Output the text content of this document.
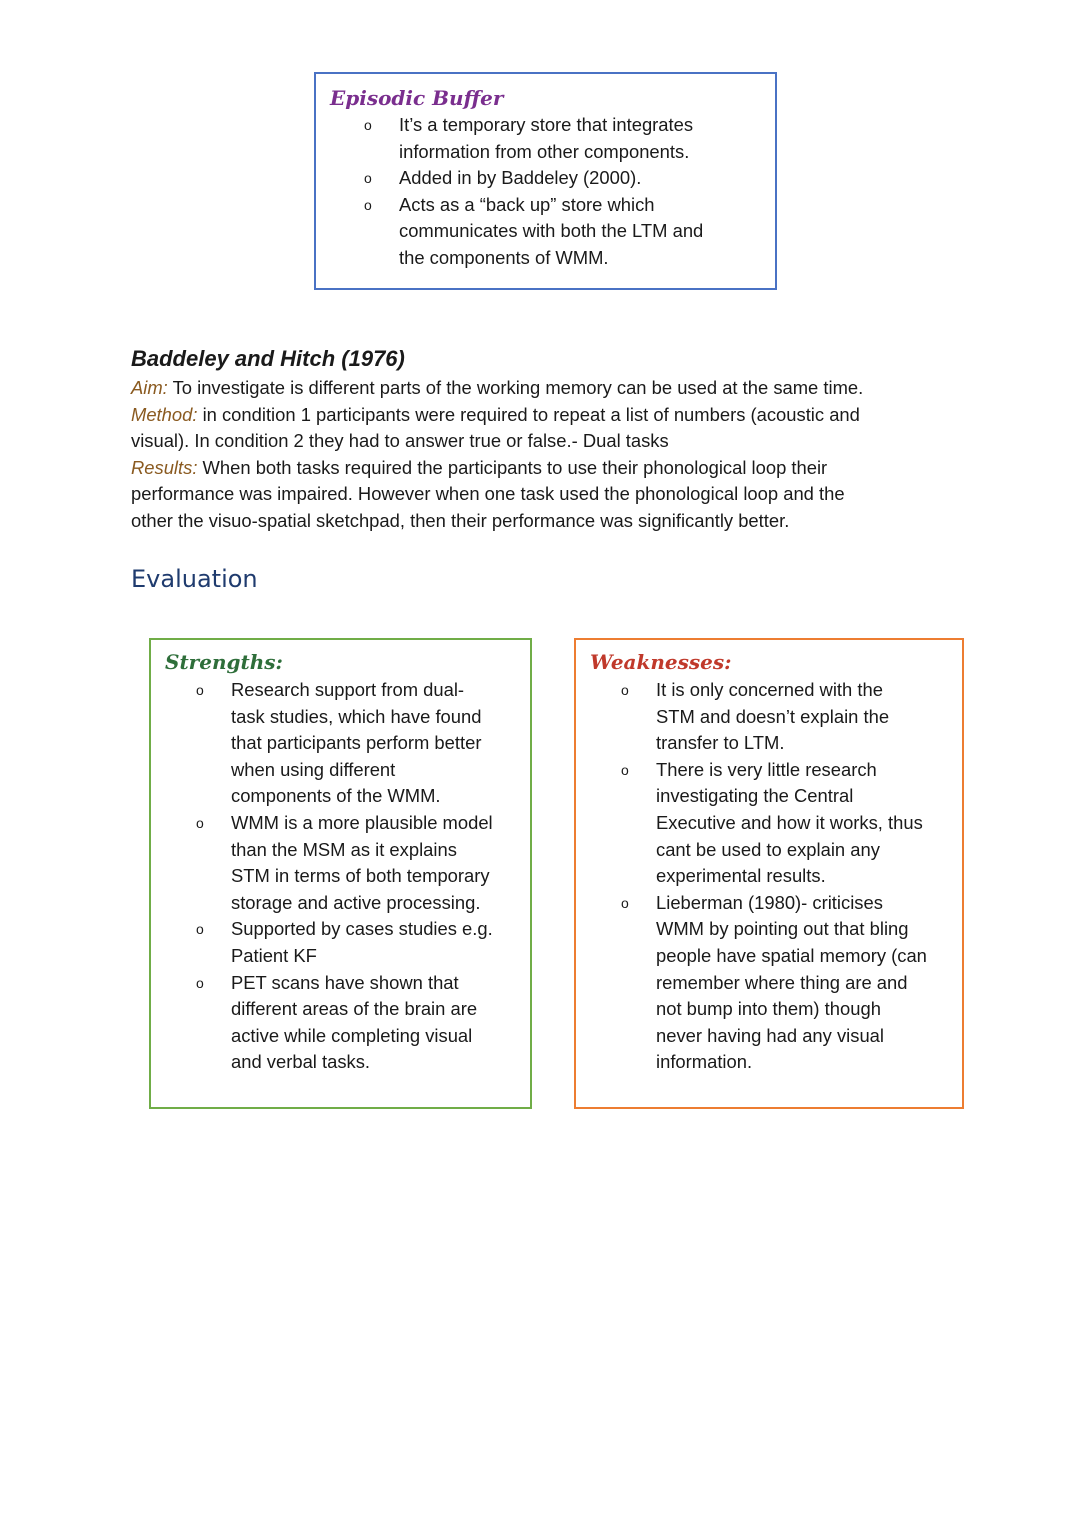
Episodic Buffer
o It’s a temporary store that integrates
information from other components.
o Added in by Baddeley (2000).
o Acts as a “back up” store which
communicates with both the LTM and
the components of WMM.
Baddeley and Hitch (1976)
Aim: To investigate is different parts of the working memory can be used at the same time.
Method: in condition 1 participants were required to repeat a list of numbers (acoustic and
visual). In condition 2 they had to answer true or false.- Dual tasks
Results: When both tasks required the participants to use their phonological loop their
performance was impaired. However when one task used the phonological loop and the
other the visuo-spatial sketchpad, then their performance was significantly better.
Evaluation
Strengths:
o Research support from dual-
task studies, which have found
that participants perform better
when using different
components of the WMM.
o WMM is a more plausible model
than the MSM as it explains
STM in terms of both temporary
storage and active processing.
o Supported by cases studies e.g.
Patient KF
o PET scans have shown that
different areas of the brain are
active while completing visual
and verbal tasks.
Weaknesses:
o It is only concerned with the
STM and doesn’t explain the
transfer to LTM.
o There is very little research
investigating the Central
Executive and how it works, thus
cant be used to explain any
experimental results.
o Lieberman (1980)- criticises
WMM by pointing out that bling
people have spatial memory (can
remember where thing are and
not bump into them) though
never having had any visual
information.
